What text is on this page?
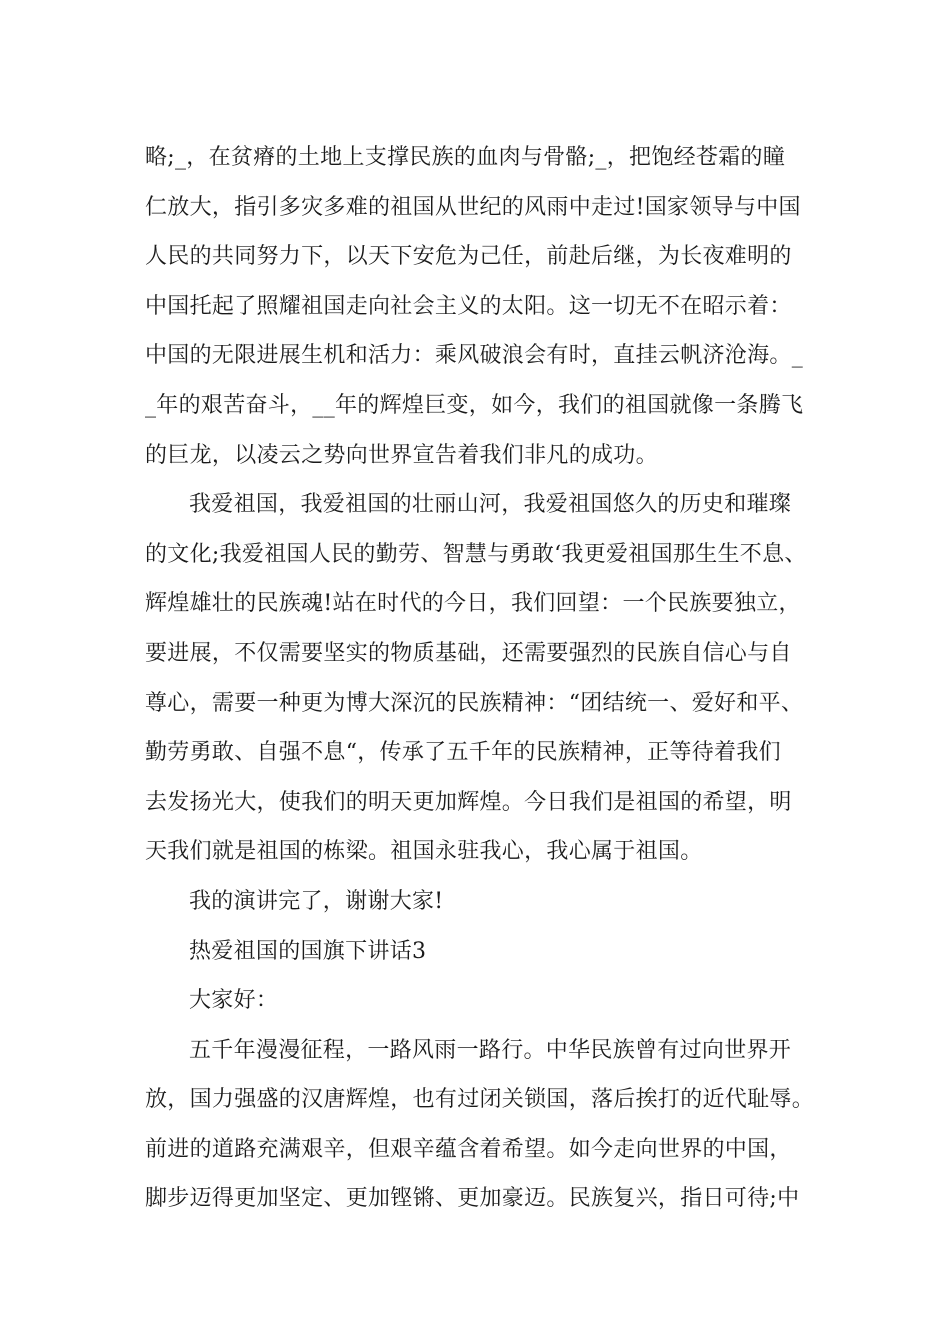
略;_，在贫瘠的土地上支撑民族的血肉与骨骼;_，把饱经苍霜的瞳
仁放大，指引多灾多难的祖国从世纪的风雨中走过!国家领导与中国
人民的共同努力下，以天下安危为己任，前赴后继，为长夜难明的
中国托起了照耀祖国走向社会主义的太阳。这一切无不在昭示着：
中国的无限进展生机和活力：乘风破浪会有时，直挂云帆济沧海。_
_年的艰苦奋斗，__年的辉煌巨变，如今，我们的祖国就像一条腾飞
的巨龙，以凌云之势向世界宣告着我们非凡的成功。
我爱祖国，我爱祖国的壮丽山河，我爱祖国悠久的历史和璀璨
的文化;我爱祖国人民的勤劳、智慧与勇敢‘我更爱祖国那生生不息、
辉煌雄壮的民族魂!站在时代的今日，我们回望：一个民族要独立，
要进展，不仅需要坚实的物质基础，还需要强烈的民族自信心与自
尊心，需要一种更为博大深沉的民族精神：“团结统一、爱好和平、
勤劳勇敢、自强不息“，传承了五千年的民族精神，正等待着我们
去发扬光大，使我们的明天更加辉煌。今日我们是祖国的希望，明
天我们就是祖国的栋梁。祖国永驻我心，我心属于祖国。
我的演讲完了，谢谢大家!
热爱祖国的国旗下讲话3
大家好：
五千年漫漫征程，一路风雨一路行。中华民族曾有过向世界开
放，国力强盛的汉唐辉煌，也有过闭关锁国，落后挨打的近代耻辱。
前进的道路充满艰辛，但艰辛蕴含着希望。如今走向世界的中国，
脚步迈得更加坚定、更加铿锵、更加豪迈。民族复兴，指日可待;中
